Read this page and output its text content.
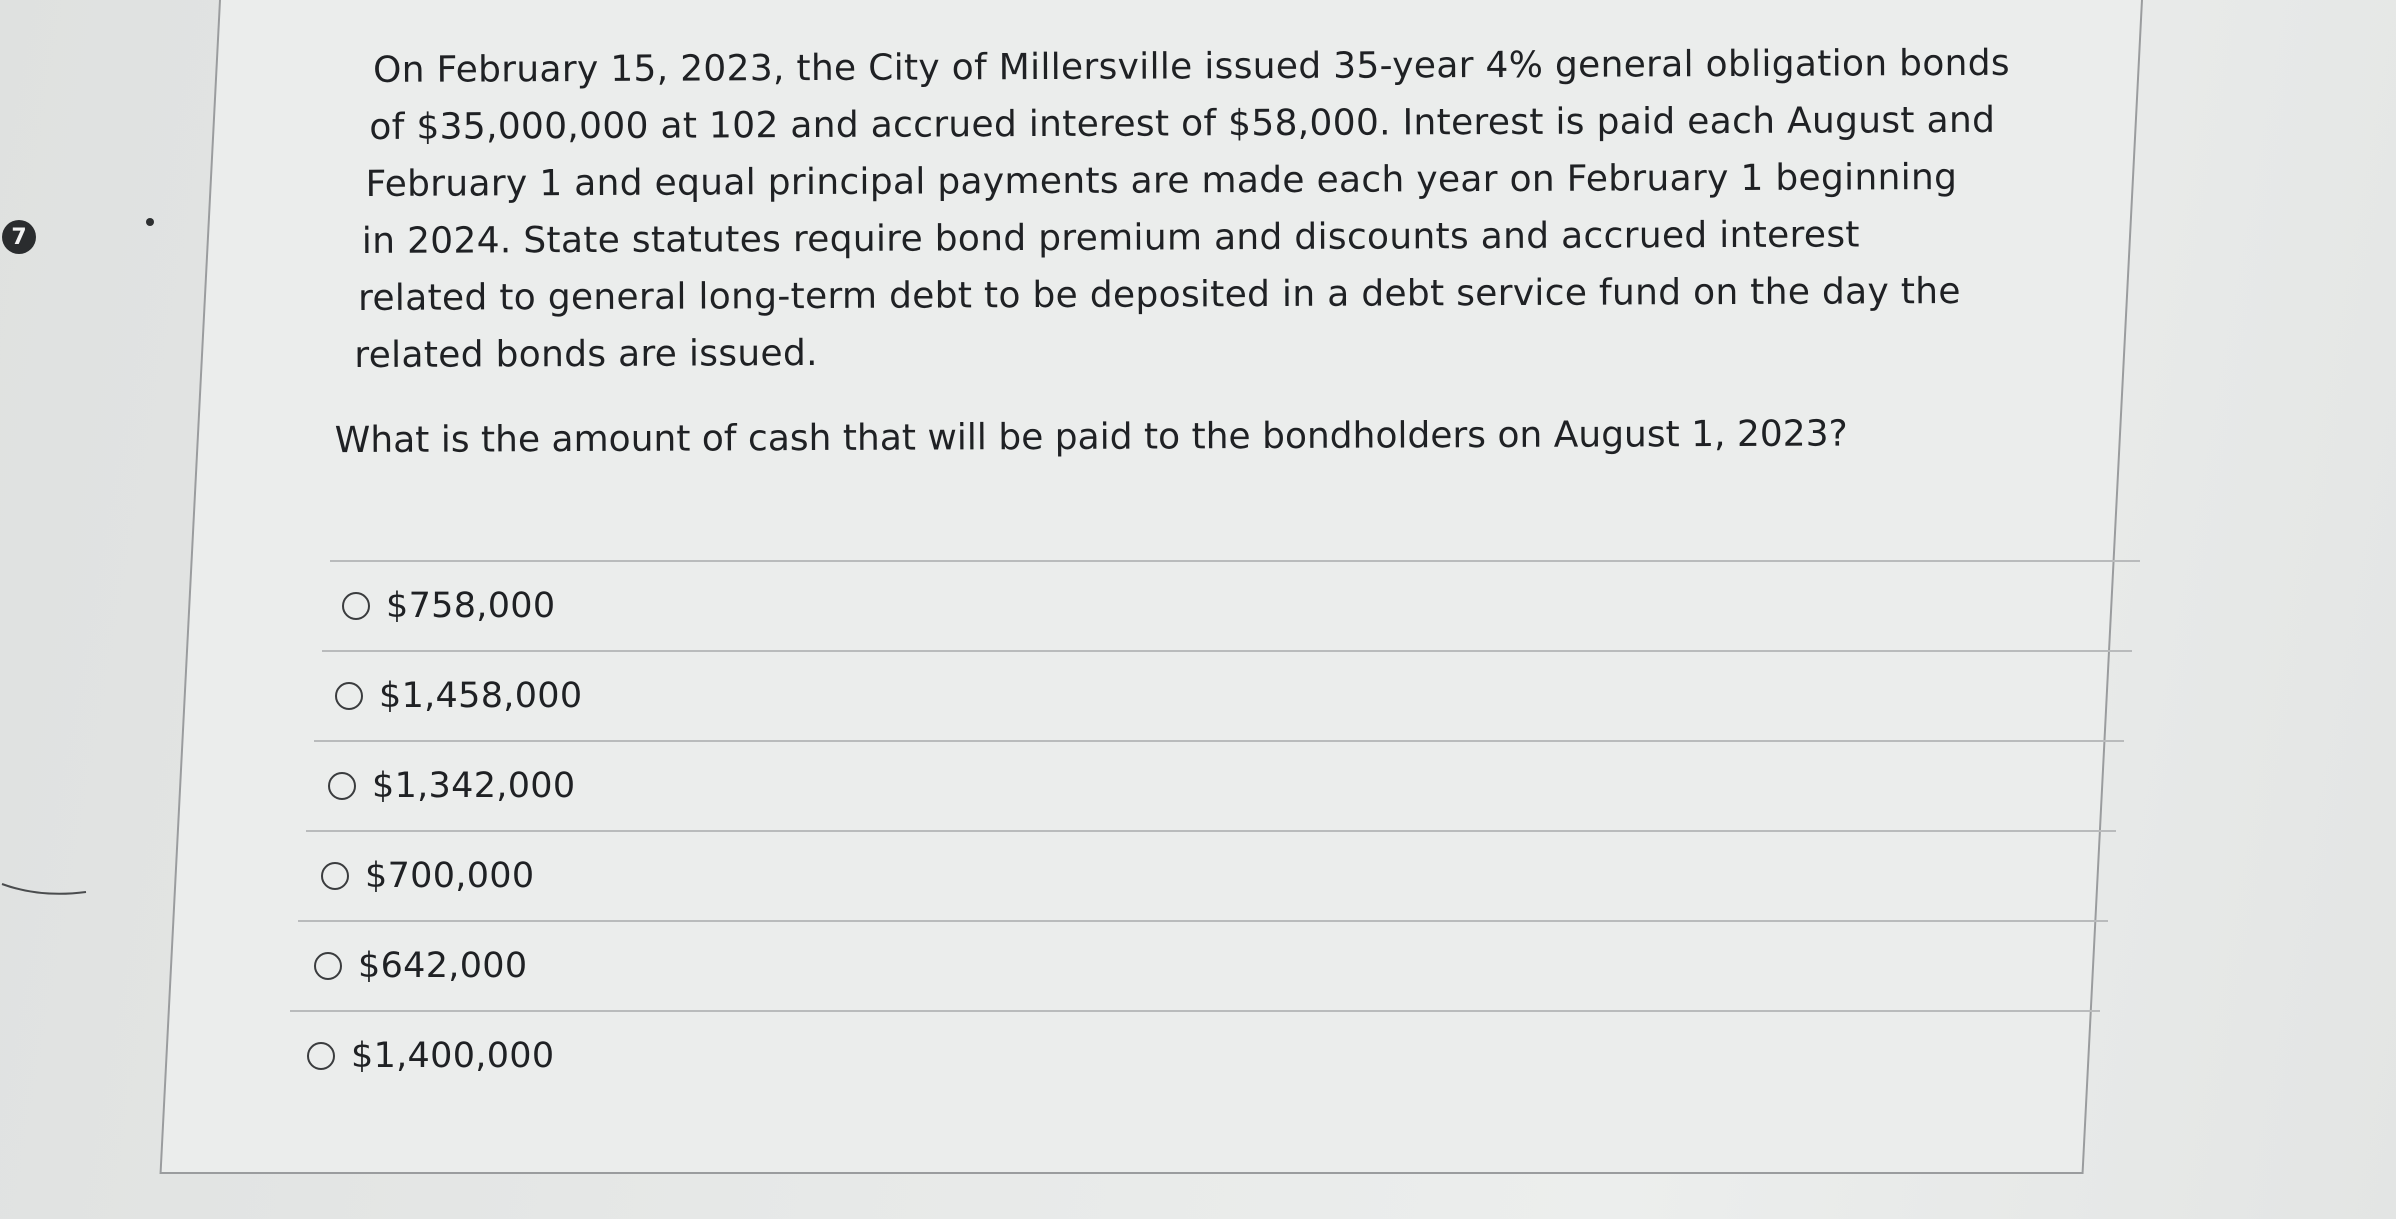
7

On February 15, 2023, the City of Millersville issued 35-year 4% general obligation bonds
of $35,000,000 at 102 and accrued interest of $58,000. Interest is paid each August and
February 1 and equal principal payments are made each year on February 1 beginning
in 2024. State statutes require bond premium and discounts and accrued interest
related to general long-term debt to be deposited in a debt service fund on the day the
related bonds are issued.

What is the amount of cash that will be paid to the bondholders on August 1, 2023?
$758,000
$1,458,000
$1,342,000
$700,000
$642,000
$1,400,000
